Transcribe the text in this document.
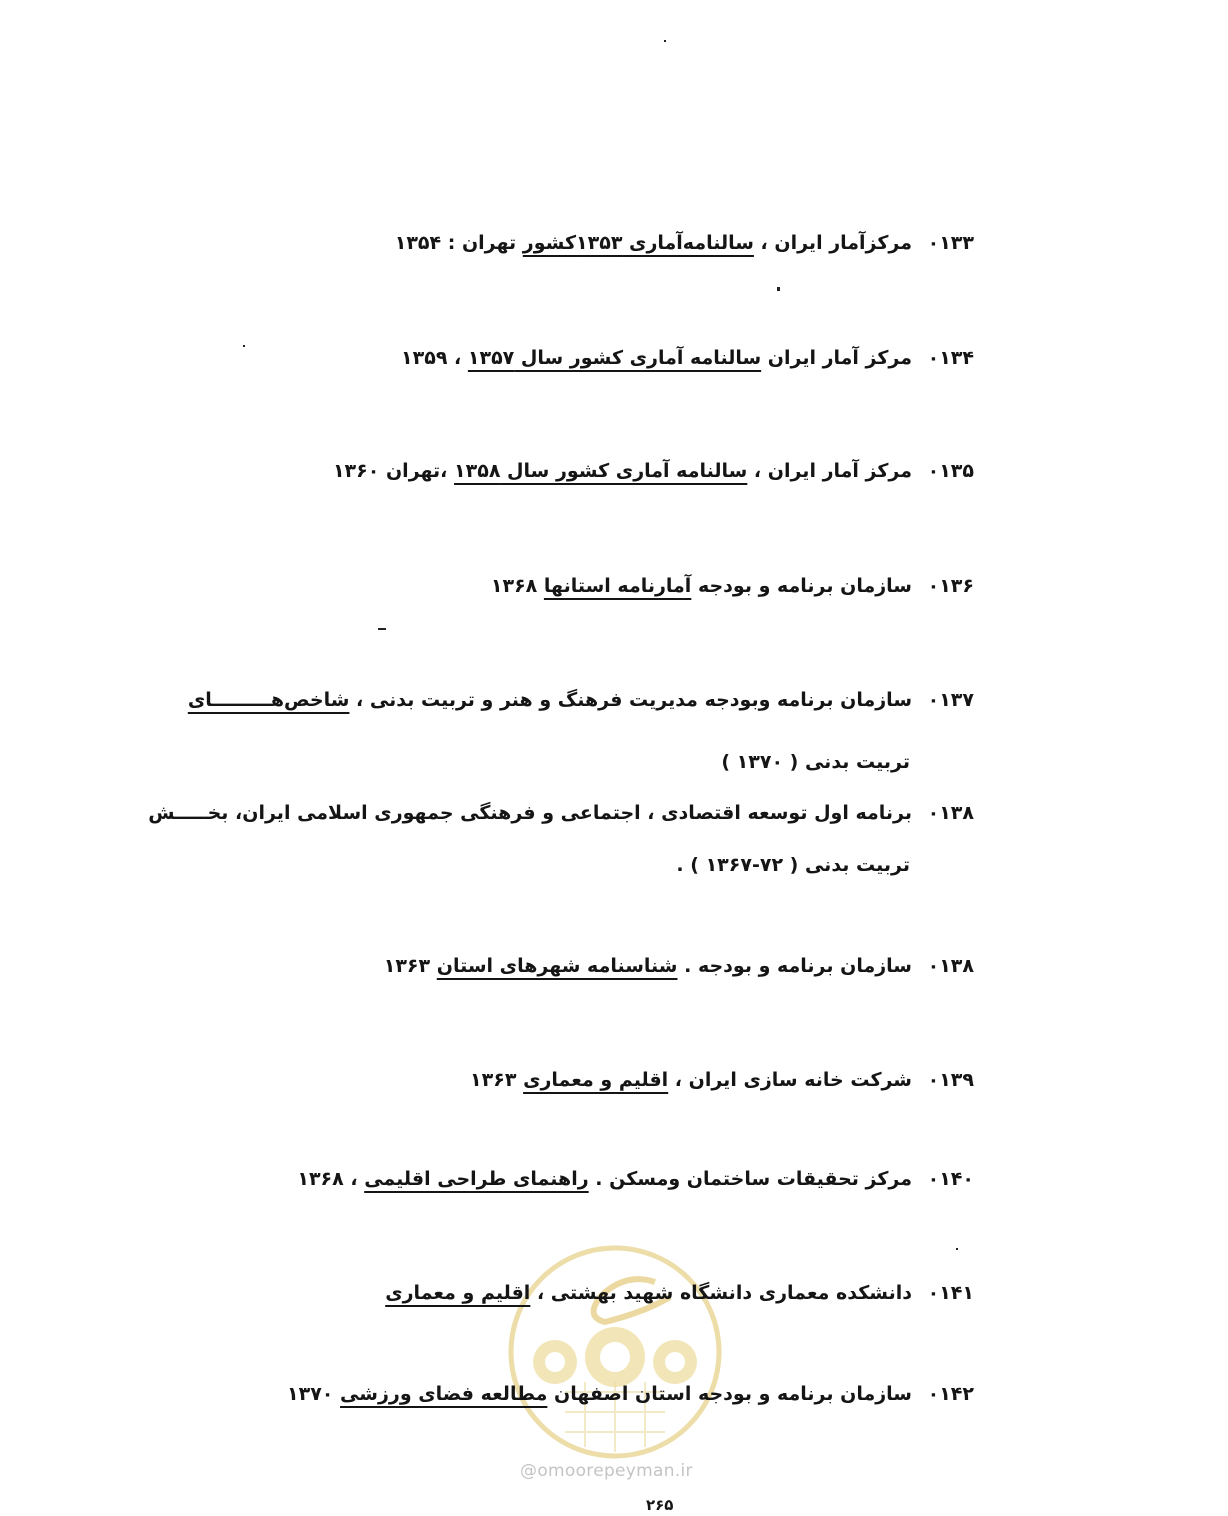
۰۱۳۳مرکزآمار ایران ، سالنامه‌آماری ۱۳۵۳کشور تهران : ۱۳۵۴
۰۱۳۴مرکز آمار ایران سالنامه آماری کشور سال ۱۳۵۷ ، ۱۳۵۹
۰۱۳۵مرکز آمار ایران ، سالنامه آماری کشور سال ۱۳۵۸ ،تهران ۱۳۶۰
۰۱۳۶سازمان برنامه و بودجه آمارنامه استانها ۱۳۶۸
۰۱۳۷سازمان برنامه وبودجه مدیریت فرهنگ و هنر و تربیت بدنی ، شاخص‌هـــــــــای
تربیت بدنی ( ۱۳۷۰ )
۰۱۳۸برنامه اول توسعه اقتصادی ، اجتماعی و فرهنگی جمهوری اسلامی ایران، بخـــــش
تربیت بدنی ( ۷۲-۱۳۶۷ ) .
۰۱۳۸سازمان برنامه و بودجه . شناسنامه شهرهای استان ۱۳۶۳
۰۱۳۹شرکت خانه سازی ایران ، اقلیم و معماری ۱۳۶۳
۰۱۴۰مرکز تحقیقات ساختمان ومسکن . راهنمای طراحی اقلیمی ، ۱۳۶۸
۰۱۴۱دانشکده معماری دانشگاه شهید بهشتی ، اقلیم و معماری
۰۱۴۲سازمان برنامه و بودجه استان اصفهان مطالعه فضای ورزشی ۱۳۷۰
@omoorepeyman.ir
۲۶۵
